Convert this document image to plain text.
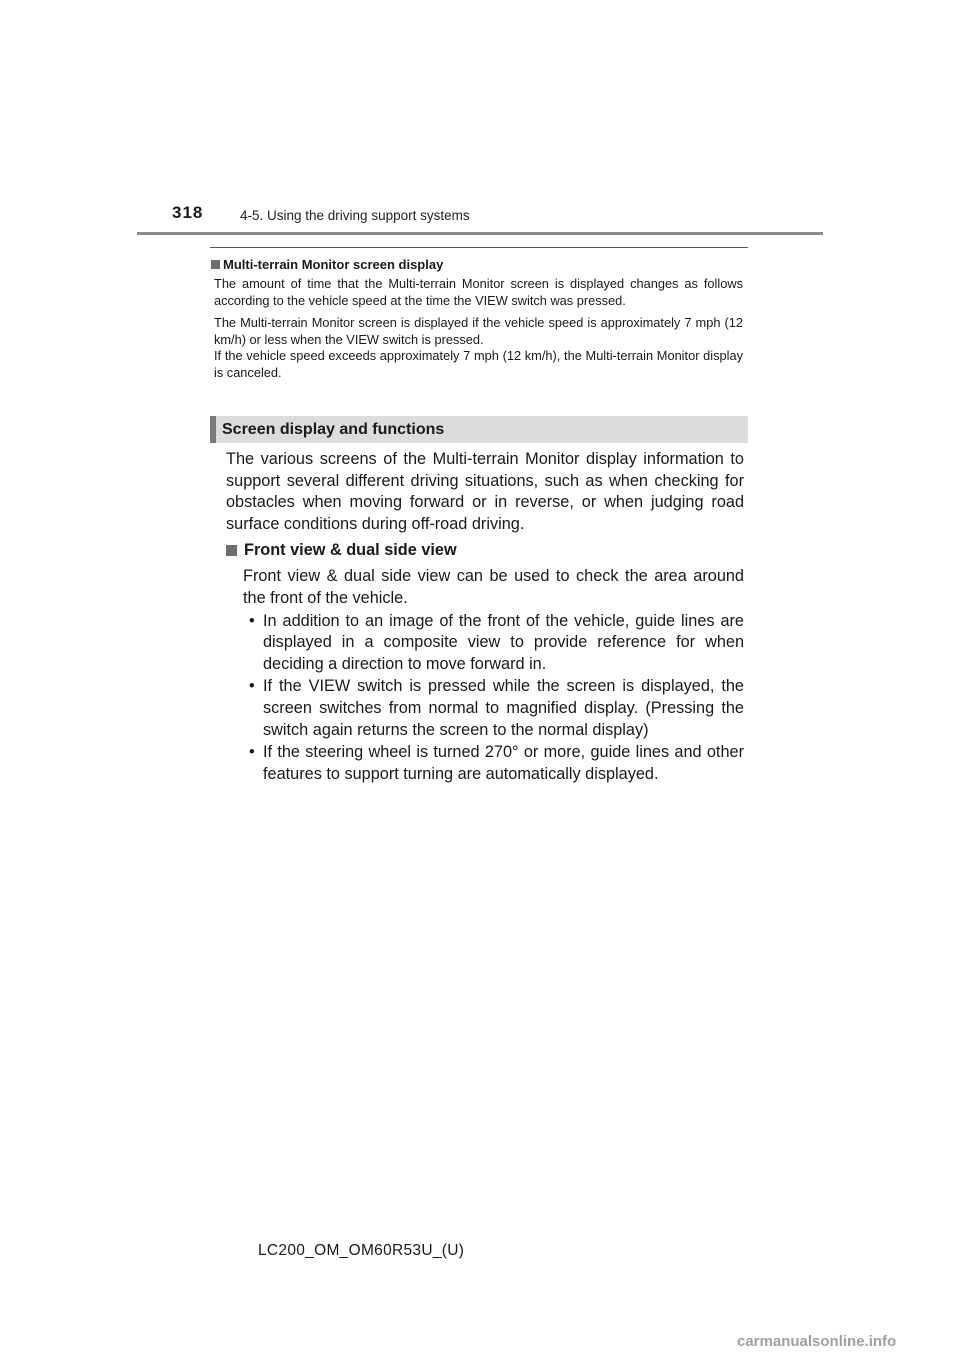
318	4-5. Using the driving support systems
Multi-terrain Monitor screen display

The amount of time that the Multi-terrain Monitor screen is displayed changes as follows according to the vehicle speed at the time the VIEW switch was pressed.

The Multi-terrain Monitor screen is displayed if the vehicle speed is approximately 7 mph (12 km/h) or less when the VIEW switch is pressed.

If the vehicle speed exceeds approximately 7 mph (12 km/h), the Multi-terrain Monitor display is canceled.

Screen display and functions

The various screens of the Multi-terrain Monitor display information to support several different driving situations, such as when checking for obstacles when moving forward or in reverse, or when judging road surface conditions during off-road driving.

Front view & dual side view

Front view & dual side view can be used to check the area around the front of the vehicle.

• In addition to an image of the front of the vehicle, guide lines are displayed in a composite view to provide reference for when deciding a direction to move forward in.
• If the VIEW switch is pressed while the screen is displayed, the screen switches from normal to magnified display. (Pressing the switch again returns the screen to the normal display)
• If the steering wheel is turned 270° or more, guide lines and other features to support turning are automatically displayed.
LC200_OM_OM60R53U_(U)
carmanualsonline.info
